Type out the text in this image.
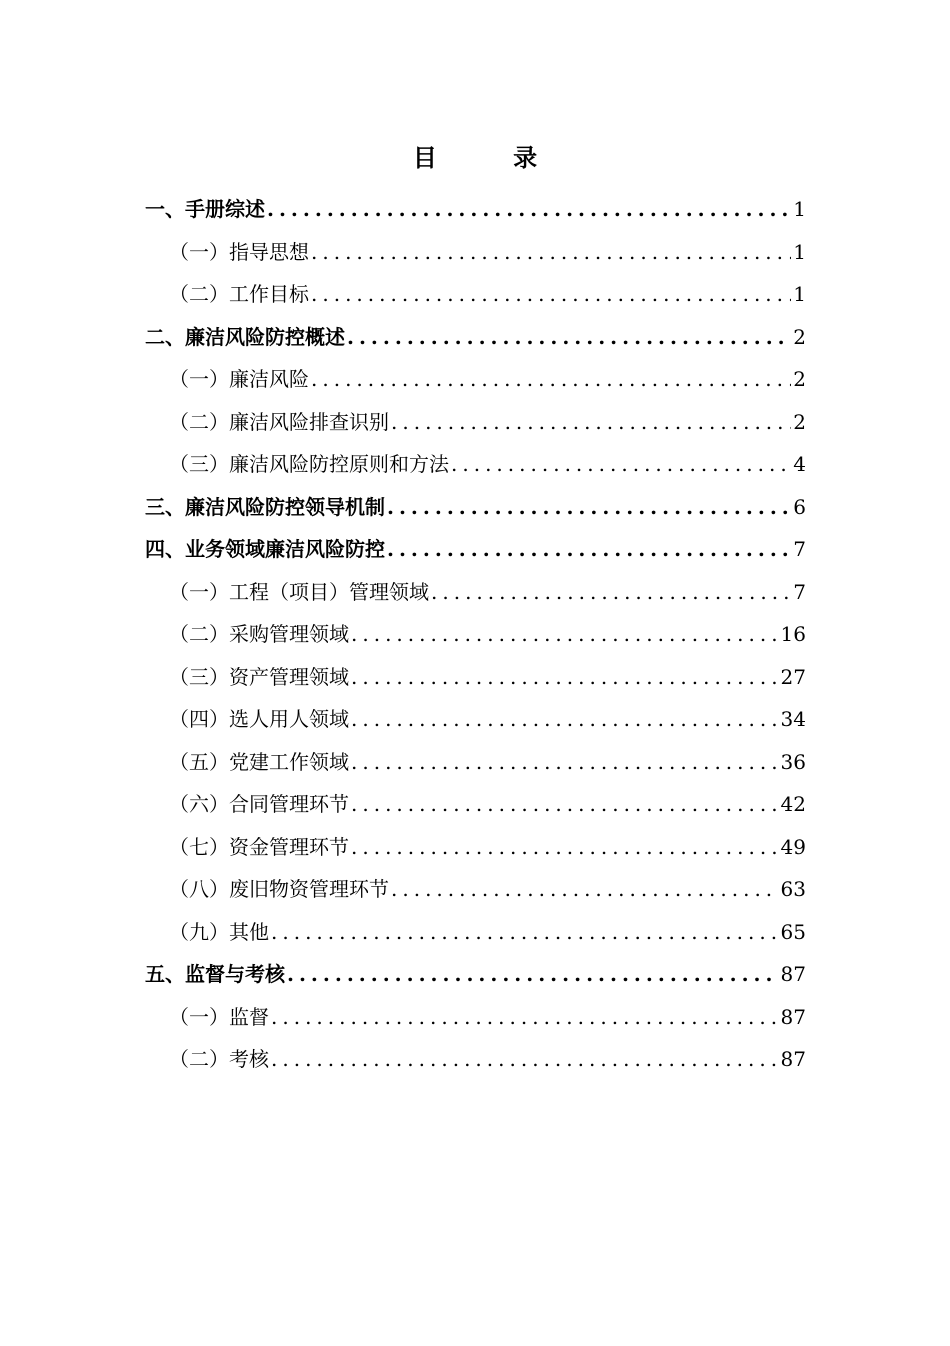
目 录
一、手册综述 .....	1
（一）指导思想 .....	1
（二）工作目标 .....	1
二、廉洁风险防控概述 .....	2
（一）廉洁风险 .....	2
（二）廉洁风险排查识别 .....	2
（三）廉洁风险防控原则和方法 .....	4
三、廉洁风险防控领导机制 .....	6
四、业务领域廉洁风险防控 .....	7
（一）工程（项目）管理领域 .....	7
（二）采购管理领域 .....	16
（三）资产管理领域 .....	27
（四）选人用人领域 .....	34
（五）党建工作领域 .....	36
（六）合同管理环节 .....	42
（七）资金管理环节 .....	49
（八）废旧物资管理环节 .....	63
（九）其他 .....	65
五、监督与考核 .....	87
（一）监督 .....	87
（二）考核 .....	87
